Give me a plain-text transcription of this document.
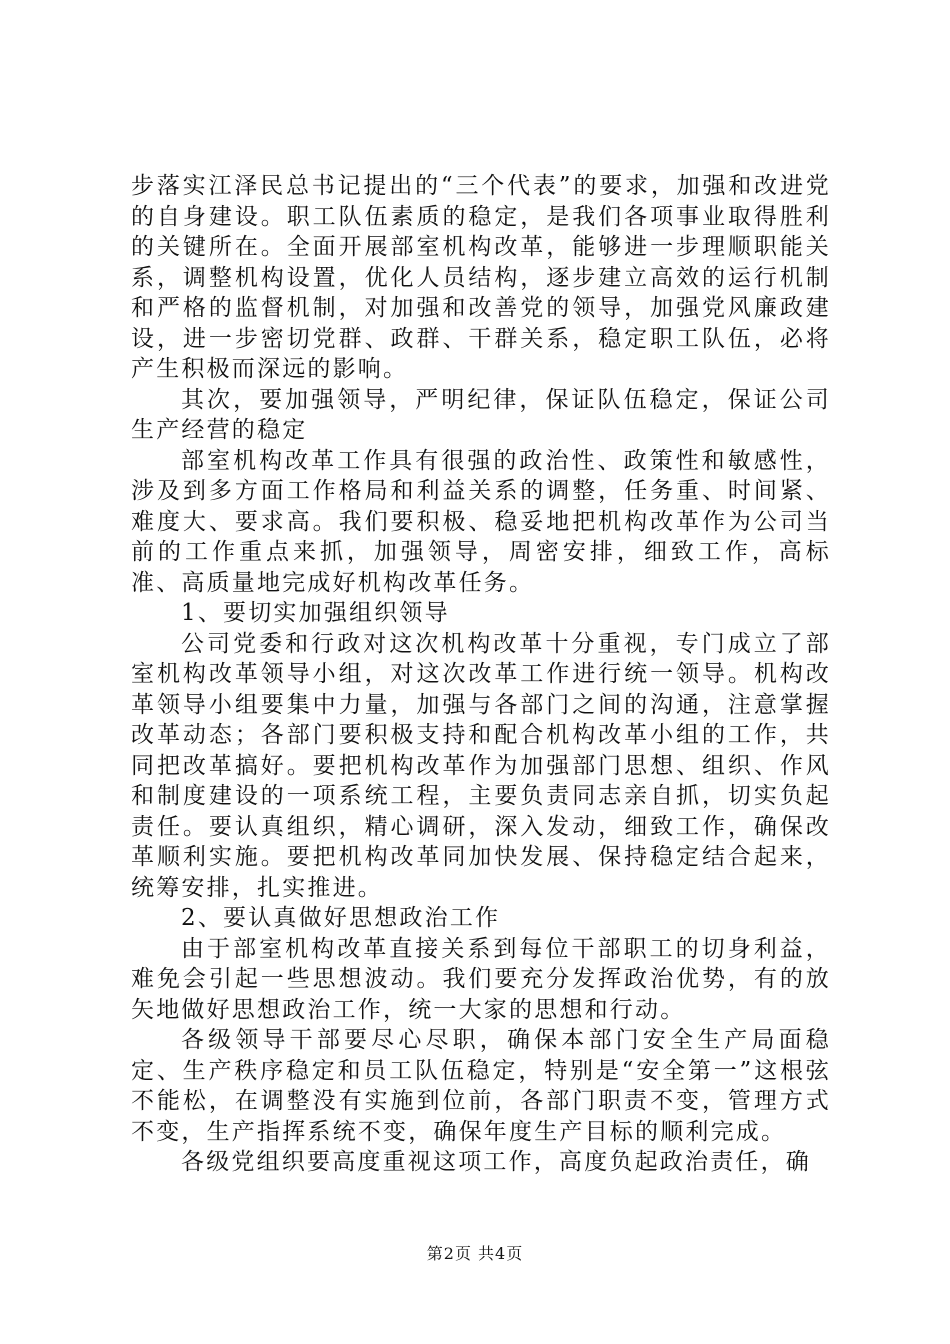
步落实江泽民总书记提出的“三个代表”的要求，加强和改进党的自身建设。职工队伍素质的稳定，是我们各项事业取得胜利的关键所在。全面开展部室机构改革，能够进一步理顺职能关系，调整机构设置，优化人员结构，逐步建立高效的运行机制和严格的监督机制，对加强和改善党的领导，加强党风廉政建设，进一步密切党群、政群、干群关系，稳定职工队伍，必将产生积极而深远的影响。

其次，要加强领导，严明纪律，保证队伍稳定，保证公司生产经营的稳定

部室机构改革工作具有很强的政治性、政策性和敏感性，涉及到多方面工作格局和利益关系的调整，任务重、时间紧、难度大、要求高。我们要积极、稳妥地把机构改革作为公司当前的工作重点来抓，加强领导，周密安排，细致工作，高标准、高质量地完成好机构改革任务。

1、要切实加强组织领导

公司党委和行政对这次机构改革十分重视，专门成立了部室机构改革领导小组，对这次改革工作进行统一领导。机构改革领导小组要集中力量，加强与各部门之间的沟通，注意掌握改革动态；各部门要积极支持和配合机构改革小组的工作，共同把改革搞好。要把机构改革作为加强部门思想、组织、作风和制度建设的一项系统工程，主要负责同志亲自抓，切实负起责任。要认真组织，精心调研，深入发动，细致工作，确保改革顺利实施。要把机构改革同加快发展、保持稳定结合起来，统筹安排，扎实推进。

2、要认真做好思想政治工作

由于部室机构改革直接关系到每位干部职工的切身利益，难免会引起一些思想波动。我们要充分发挥政治优势，有的放矢地做好思想政治工作，统一大家的思想和行动。

各级领导干部要尽心尽职，确保本部门安全生产局面稳定、生产秩序稳定和员工队伍稳定，特别是“安全第一”这根弦不能松，在调整没有实施到位前，各部门职责不变，管理方式不变，生产指挥系统不变，确保年度生产目标的顺利完成。

各级党组织要高度重视这项工作，高度负起政治责任，确

第2页 共4页
